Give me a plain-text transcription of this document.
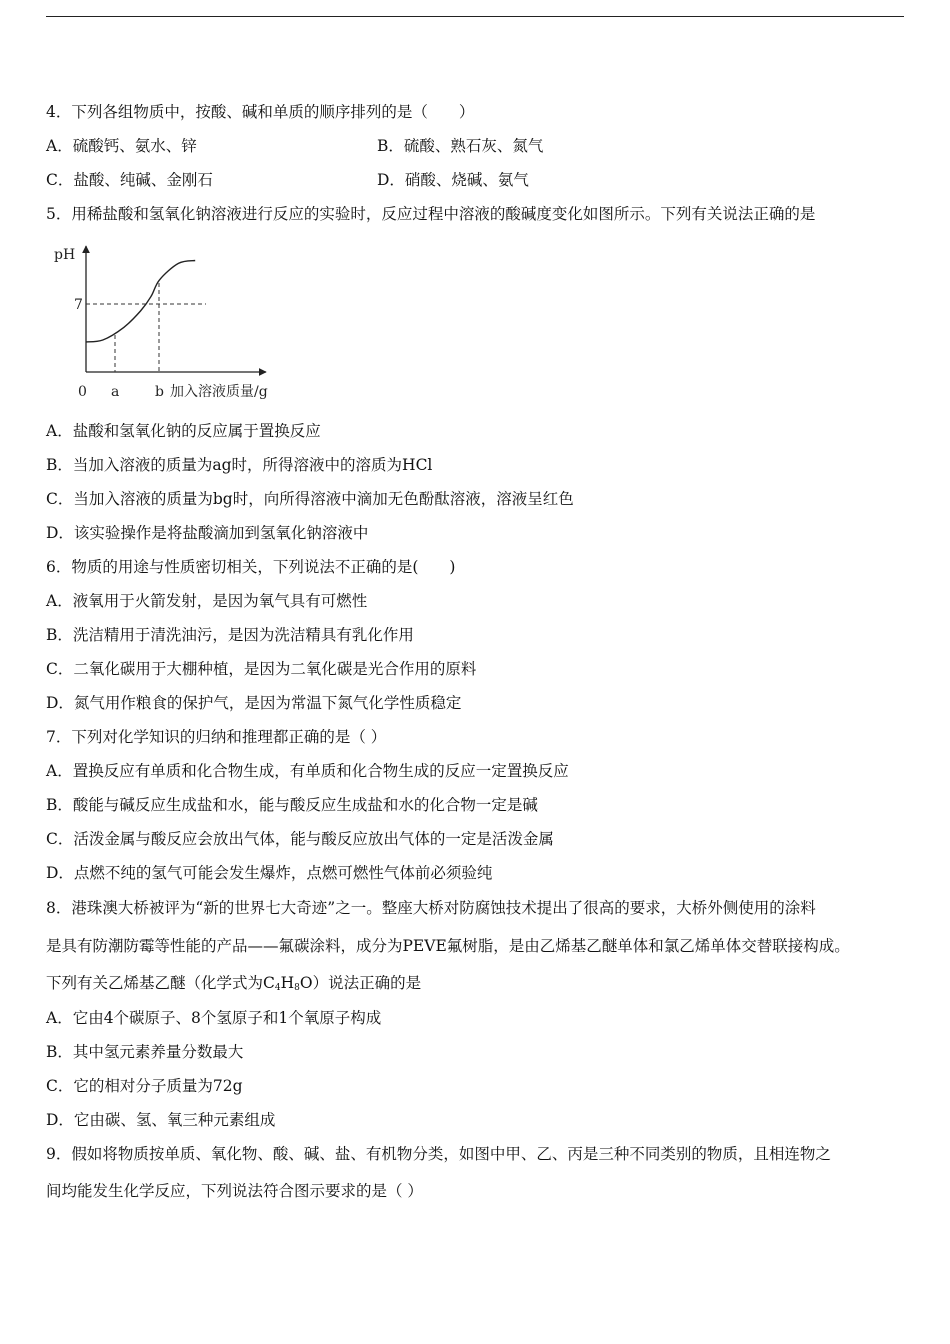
4．下列各组物质中，按酸、碱和单质的顺序排列的是（　　）
A．硫酸钙、氨水、锌	B．硫酸、熟石灰、氮气
C．盐酸、纯碱、金刚石	D．硝酸、烧碱、氨气
5．用稀盐酸和氢氧化钠溶液进行反应的实验时，反应过程中溶液的酸碱度变化如图所示。下列有关说法正确的是
pH
7
0 a	b 加入溶液质量/g
A．盐酸和氢氧化钠的反应属于置换反应
B．当加入溶液的质量为ag时，所得溶液中的溶质为HCl
C．当加入溶液的质量为bg时，向所得溶液中滴加无色酚酞溶液，溶液呈红色
D．该实验操作是将盐酸滴加到氢氧化钠溶液中
6．物质的用途与性质密切相关，下列说法不正确的是(　　)
A．液氧用于火箭发射，是因为氧气具有可燃性
B．洗洁精用于清洗油污，是因为洗洁精具有乳化作用
C．二氧化碳用于大棚种植，是因为二氧化碳是光合作用的原料
D．氮气用作粮食的保护气，是因为常温下氮气化学性质稳定
7．下列对化学知识的归纳和推理都正确的是（ ）
A．置换反应有单质和化合物生成，有单质和化合物生成的反应一定置换反应
B．酸能与碱反应生成盐和水，能与酸反应生成盐和水的化合物一定是碱
C．活泼金属与酸反应会放出气体，能与酸反应放出气体的一定是活泼金属
D．点燃不纯的氢气可能会发生爆炸，点燃可燃性气体前必须验纯
8．港珠澳大桥被评为“新的世界七大奇迹”之一。整座大桥对防腐蚀技术提出了很高的要求，大桥外侧使用的涂料
是具有防潮防霉等性能的产品——氟碳涂料，成分为PEVE氟树脂，是由乙烯基乙醚单体和氯乙烯单体交替联接构成。
下列有关乙烯基乙醚（化学式为$C_4H_8O$）说法正确的是
A．它由4个碳原子、8个氢原子和1个氧原子构成
B．其中氢元素养量分数最大
C．它的相对分子质量为72g
D．它由碳、氢、氧三种元素组成
9．假如将物质按单质、氧化物、酸、碱、盐、有机物分类，如图中甲、乙、丙是三种不同类别的物质，且相连物之
间均能发生化学反应，下列说法符合图示要求的是（ ）
